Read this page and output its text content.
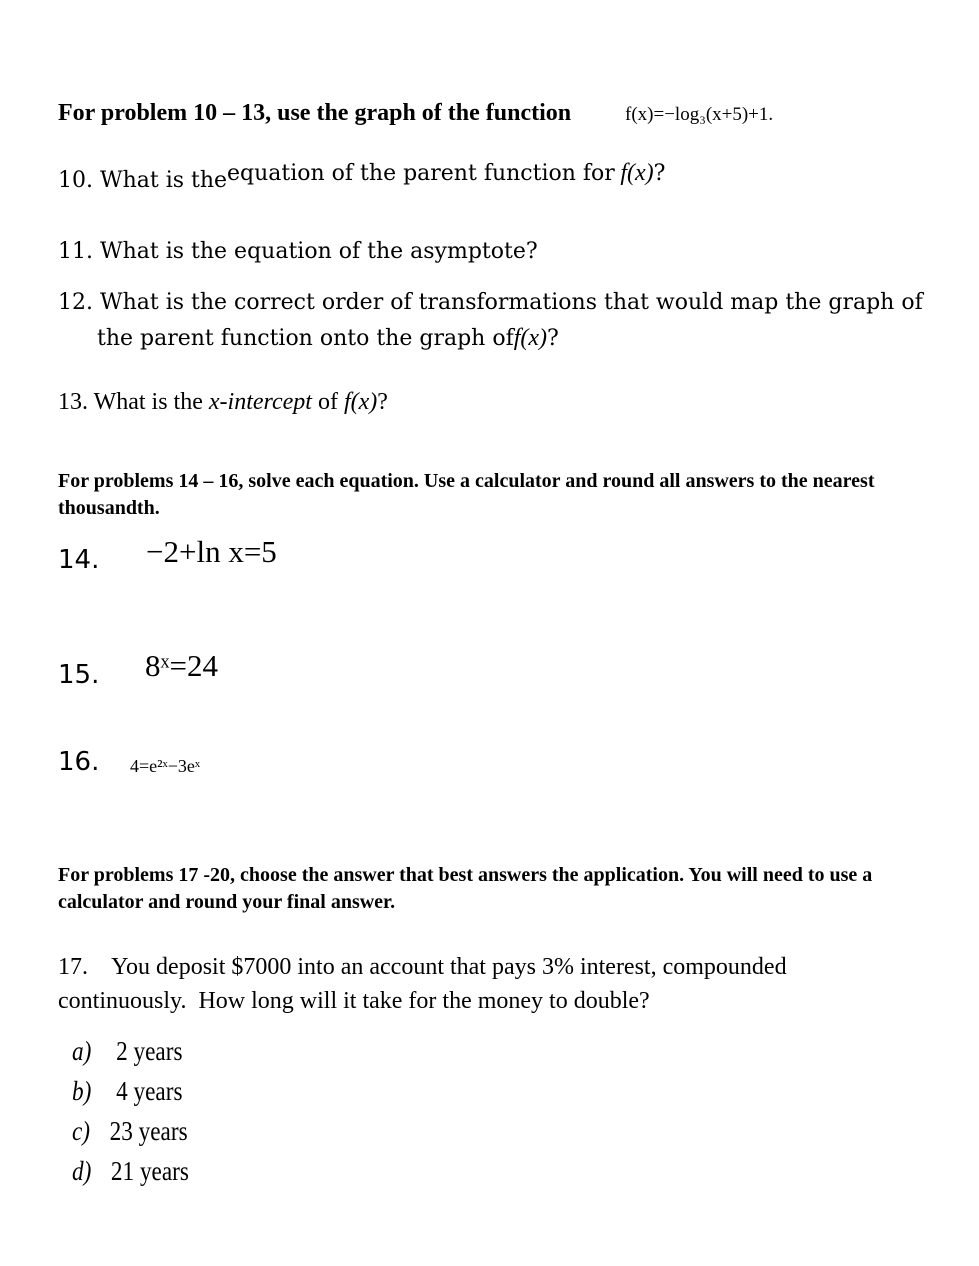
For problem 10 – 13, use the graph of the function	f(x)=−log₃(x+5)+1.
10. What is the equation of the parent function for f(x)?
11. What is the equation of the asymptote?
12. What is the correct order of transformations that would map the graph of
the parent function onto the graph off(x)?
13. What is the x-intercept of f(x)?
For problems 14 – 16, solve each equation. Use a calculator and round all answers to the nearest thousandth.
14. −2+ln x=5
15. 8ˣ=24
16. 4=e²ˣ−3eˣ
For problems 17 -20, choose the answer that best answers the application. You will need to use a calculator and round your final answer.
17.    You deposit $7000 into an account that pays 3% interest, compounded continuously.  How long will it take for the money to double?
a) 2 years
b) 4 years
c) 23 years
d) 21 years
